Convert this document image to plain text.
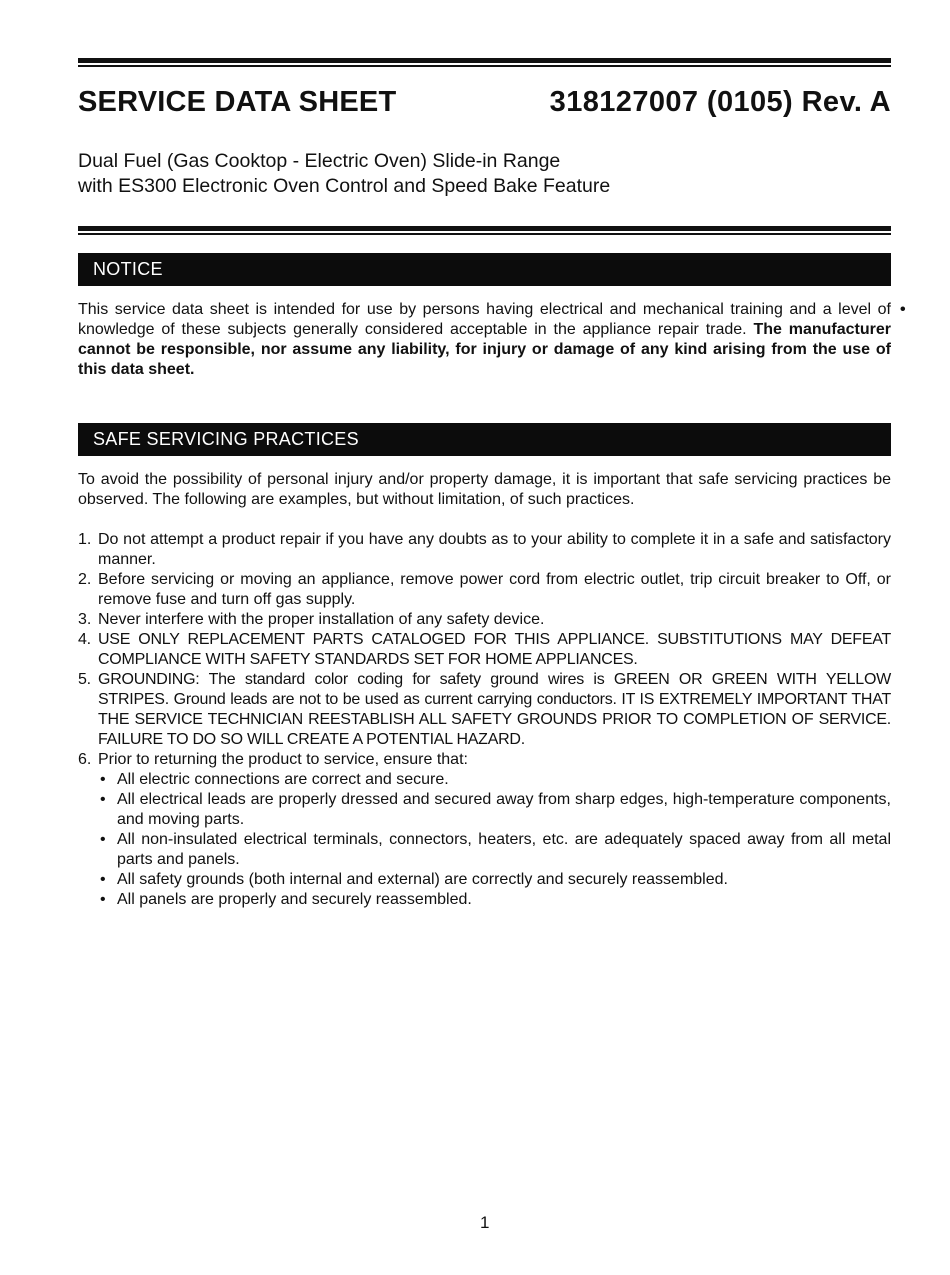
SERVICE DATA SHEET	318127007 (0105) Rev. A
Dual Fuel (Gas Cooktop - Electric Oven) Slide-in Range
with ES300 Electronic Oven Control and Speed Bake Feature
NOTICE
This service data sheet is intended for use by persons having electrical and mechanical training and a level of knowledge of these subjects generally considered acceptable in the appliance repair trade. The manufacturer cannot be responsible, nor assume any liability, for injury or damage of any kind arising from the use of this data sheet.
•
SAFE SERVICING PRACTICES
To avoid the possibility of personal injury and/or property damage, it is important that safe servicing practices be observed. The following are examples, but without limitation, of such practices.
1. Do not attempt a product repair if you have any doubts as to your ability to complete it in a safe and satisfactory manner.
2. Before servicing or moving an appliance, remove power cord from electric outlet, trip circuit breaker to Off, or remove fuse and turn off gas supply.
3. Never interfere with the proper installation of any safety device.
4. USE ONLY REPLACEMENT PARTS CATALOGED FOR THIS APPLIANCE. SUBSTITUTIONS MAY DEFEAT COMPLIANCE WITH SAFETY STANDARDS SET FOR HOME APPLIANCES.
5. GROUNDING: The standard color coding for safety ground wires is GREEN OR GREEN WITH YELLOW STRIPES. Ground leads are not to be used as current carrying conductors. IT IS EXTREMELY IMPORTANT THAT THE SERVICE TECHNICIAN REESTABLISH ALL SAFETY GROUNDS PRIOR TO COMPLETION OF SERVICE. FAILURE TO DO SO WILL CREATE A POTENTIAL HAZARD.
6. Prior to returning the product to service, ensure that:
• All electric connections are correct and secure.
• All electrical leads are properly dressed and secured away from sharp edges, high-temperature components, and moving parts.
• All non-insulated electrical terminals, connectors, heaters, etc. are adequately spaced away from all metal parts and panels.
• All safety grounds (both internal and external) are correctly and securely reassembled.
• All panels are properly and securely reassembled.
1
